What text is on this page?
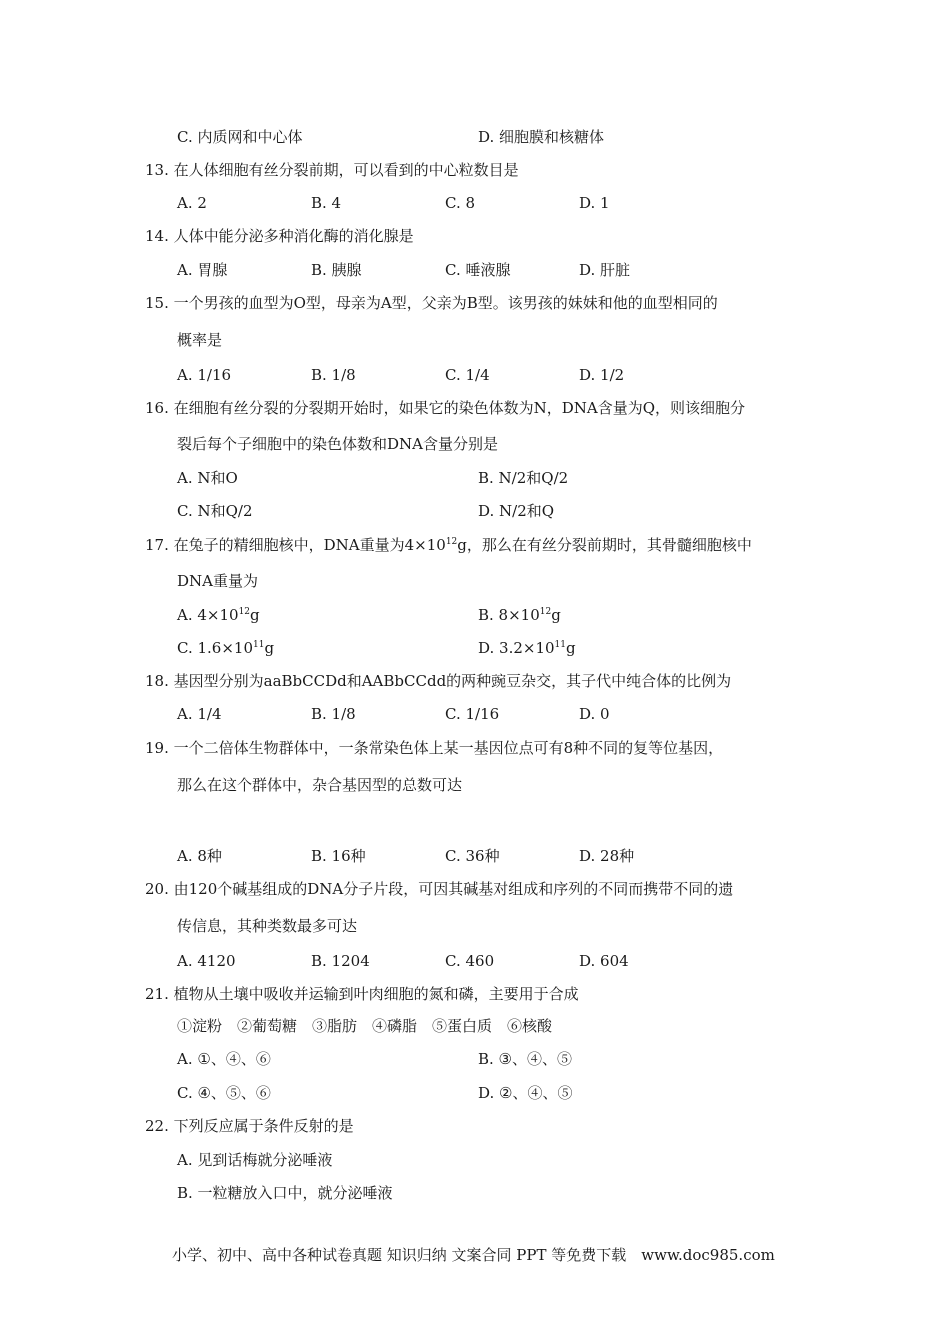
C. 内质网和中心体	D. 细胞膜和核糖体
13. 在人体细胞有丝分裂前期，可以看到的中心粒数目是
A. 2	B. 4	C. 8	D. 1
14. 人体中能分泌多种消化酶的消化腺是
A. 胃腺	B. 胰腺	C. 唾液腺	D. 肝脏
15. 一个男孩的血型为O型，母亲为A型，父亲为B型。该男孩的妹妹和他的血型相同的
概率是
A. 1/16	B. 1/8	C. 1/4	D. 1/2
16. 在细胞有丝分裂的分裂期开始时，如果它的染色体数为N，DNA含量为Q，则该细胞分
裂后每个子细胞中的染色体数和DNA含量分别是
A. N和O	B. N/2和Q/2
C. N和Q/2	D. N/2和Q
17. 在兔子的精细胞核中，DNA重量为$4\times 10^{12}g$，那么在有丝分裂前期时，其骨髓细胞核中
DNA重量为
A. $4\times 10^{12}g$	B. $8\times 10^{12}g$
C. $1.6\times 10^{11}g$	D. $3.2\times 10^{11}g$
18. 基因型分别为aaBbCCDd和AABbCCdd的两种豌豆杂交，其子代中纯合体的比例为
A. 1/4	B. 1/8	C. 1/16	D. 0
19. 一个二倍体生物群体中，一条常染色体上某一基因位点可有8种不同的复等位基因，
那么在这个群体中，杂合基因型的总数可达
A. 8种	B. 16种	C. 36种	D. 28种
20. 由120个碱基组成的DNA分子片段，可因其碱基对组成和序列的不同而携带不同的遗
传信息，其种类数最多可达
A. 4120	B. 1204	C. 460	D. 604
21. 植物从土壤中吸收并运输到叶肉细胞的氮和磷，主要用于合成
①淀粉　②葡萄糖　③脂肪　④磷脂　⑤蛋白质　⑥核酸
A. ①、④、⑥	B. ③、④、⑤
C. ④、⑤、⑥	D. ②、④、⑤
22. 下列反应属于条件反射的是
A. 见到话梅就分泌唾液
B. 一粒糖放入口中，就分泌唾液
小学、初中、高中各种试卷真题 知识归纳 文案合同 PPT 等免费下载　www.doc985.com
